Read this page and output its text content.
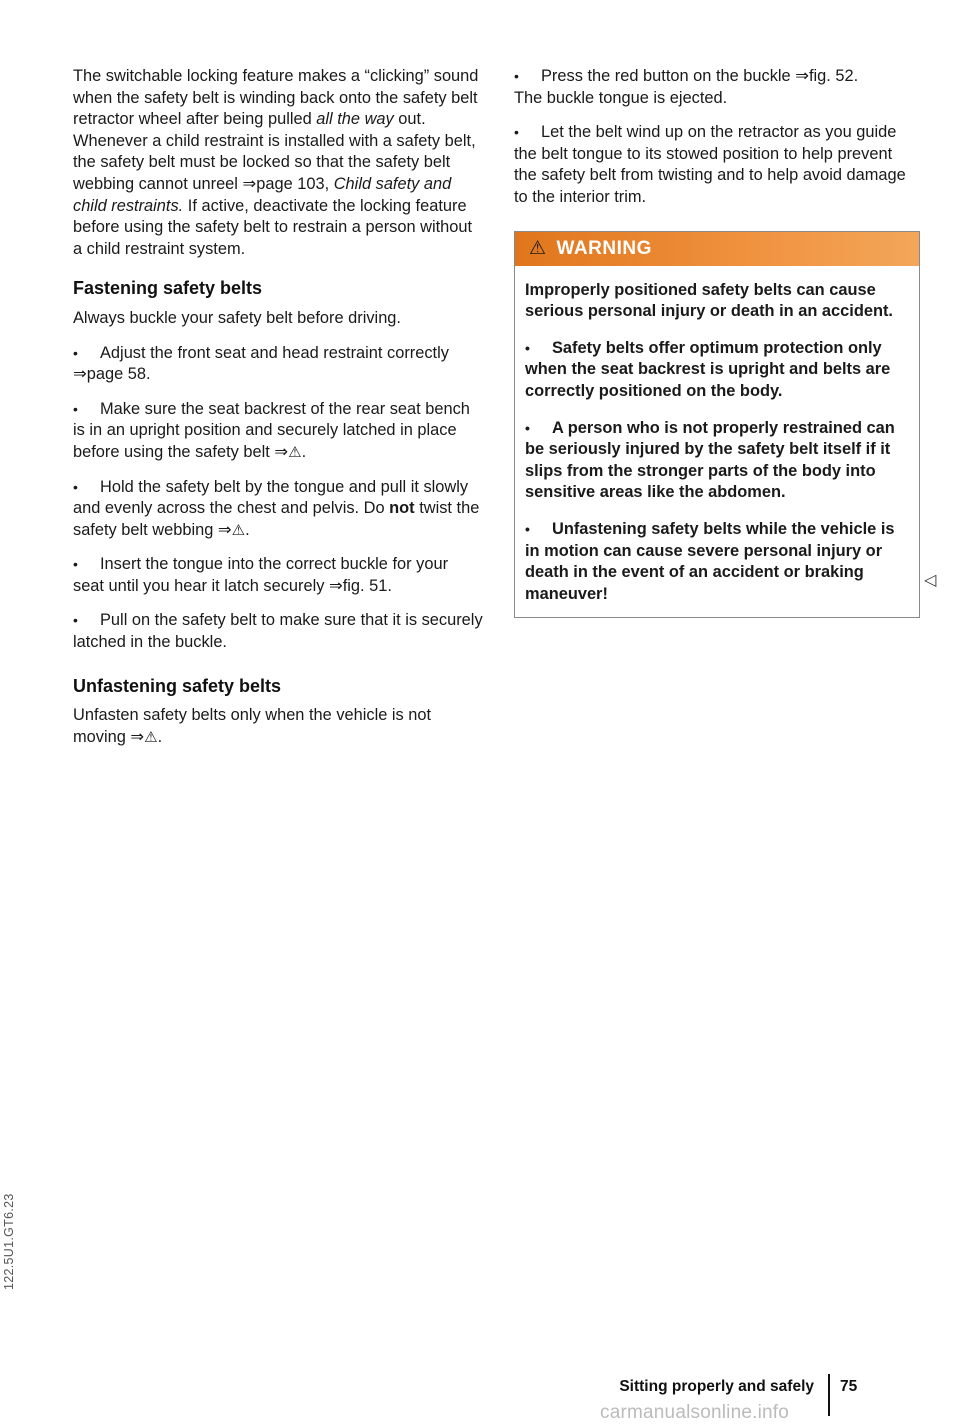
The switchable locking feature makes a “clicking” sound when the safety belt is winding back onto the safety belt retractor wheel after being pulled all the way out. Whenever a child restraint is installed with a safety belt, the safety belt must be locked so that the safety belt webbing cannot unreel ⇒page 103, Child safety and child restraints. If active, deactivate the locking feature before using the safety belt to restrain a person without a child restraint system.

Fastening safety belts

Always buckle your safety belt before driving.

• Adjust the front seat and head restraint correctly ⇒page 58.
• Make sure the seat backrest of the rear seat bench is in an upright position and securely latched in place before using the safety belt ⇒⚠.
• Hold the safety belt by the tongue and pull it slowly and evenly across the chest and pelvis. Do not twist the safety belt webbing ⇒⚠.
• Insert the tongue into the correct buckle for your seat until you hear it latch securely ⇒fig. 51.
• Pull on the safety belt to make sure that it is securely latched in the buckle.
Unfastening safety belts

Unfasten safety belts only when the vehicle is not moving ⇒⚠.

• Press the red button on the buckle ⇒fig. 52.
The buckle tongue is ejected.
• Let the belt wind up on the retractor as you guide the belt tongue to its stowed position to help prevent the safety belt from twisting and to help avoid damage to the interior trim.
⚠ WARNING

Improperly positioned safety belts can cause serious personal injury or death in an accident.

• Safety belts offer optimum protection only when the seat backrest is upright and belts are correctly positioned on the body.
• A person who is not properly restrained can be seriously injured by the safety belt itself if it slips from the stronger parts of the body into sensitive areas like the abdomen.
• Unfastening safety belts while the vehicle is in motion can cause severe personal injury or death in the event of an accident or braking maneuver!
◁
122.5U1.GT6.23
Sitting properly and safely 75
carmanualsonline.info
